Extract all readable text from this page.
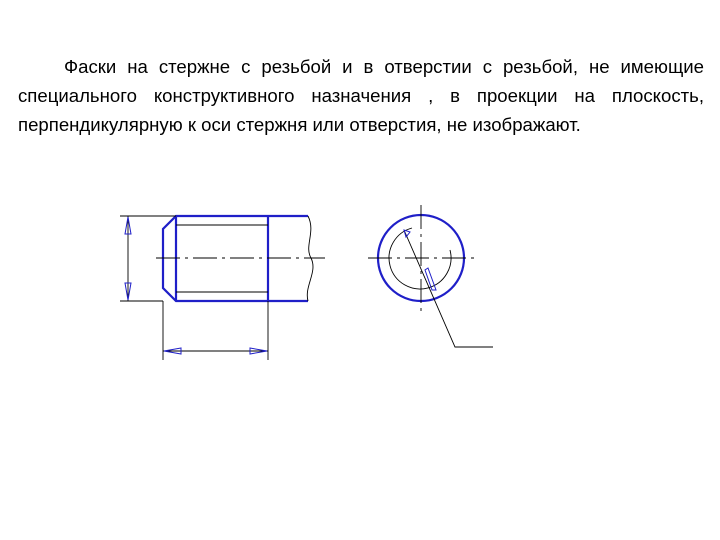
Фаски на стержне с резьбой и в отверстии с резьбой, не имеющие специального конструктивного назначения , в проекции на плоскость, перпендикулярную к оси стержня или отверстия, не изображают.
